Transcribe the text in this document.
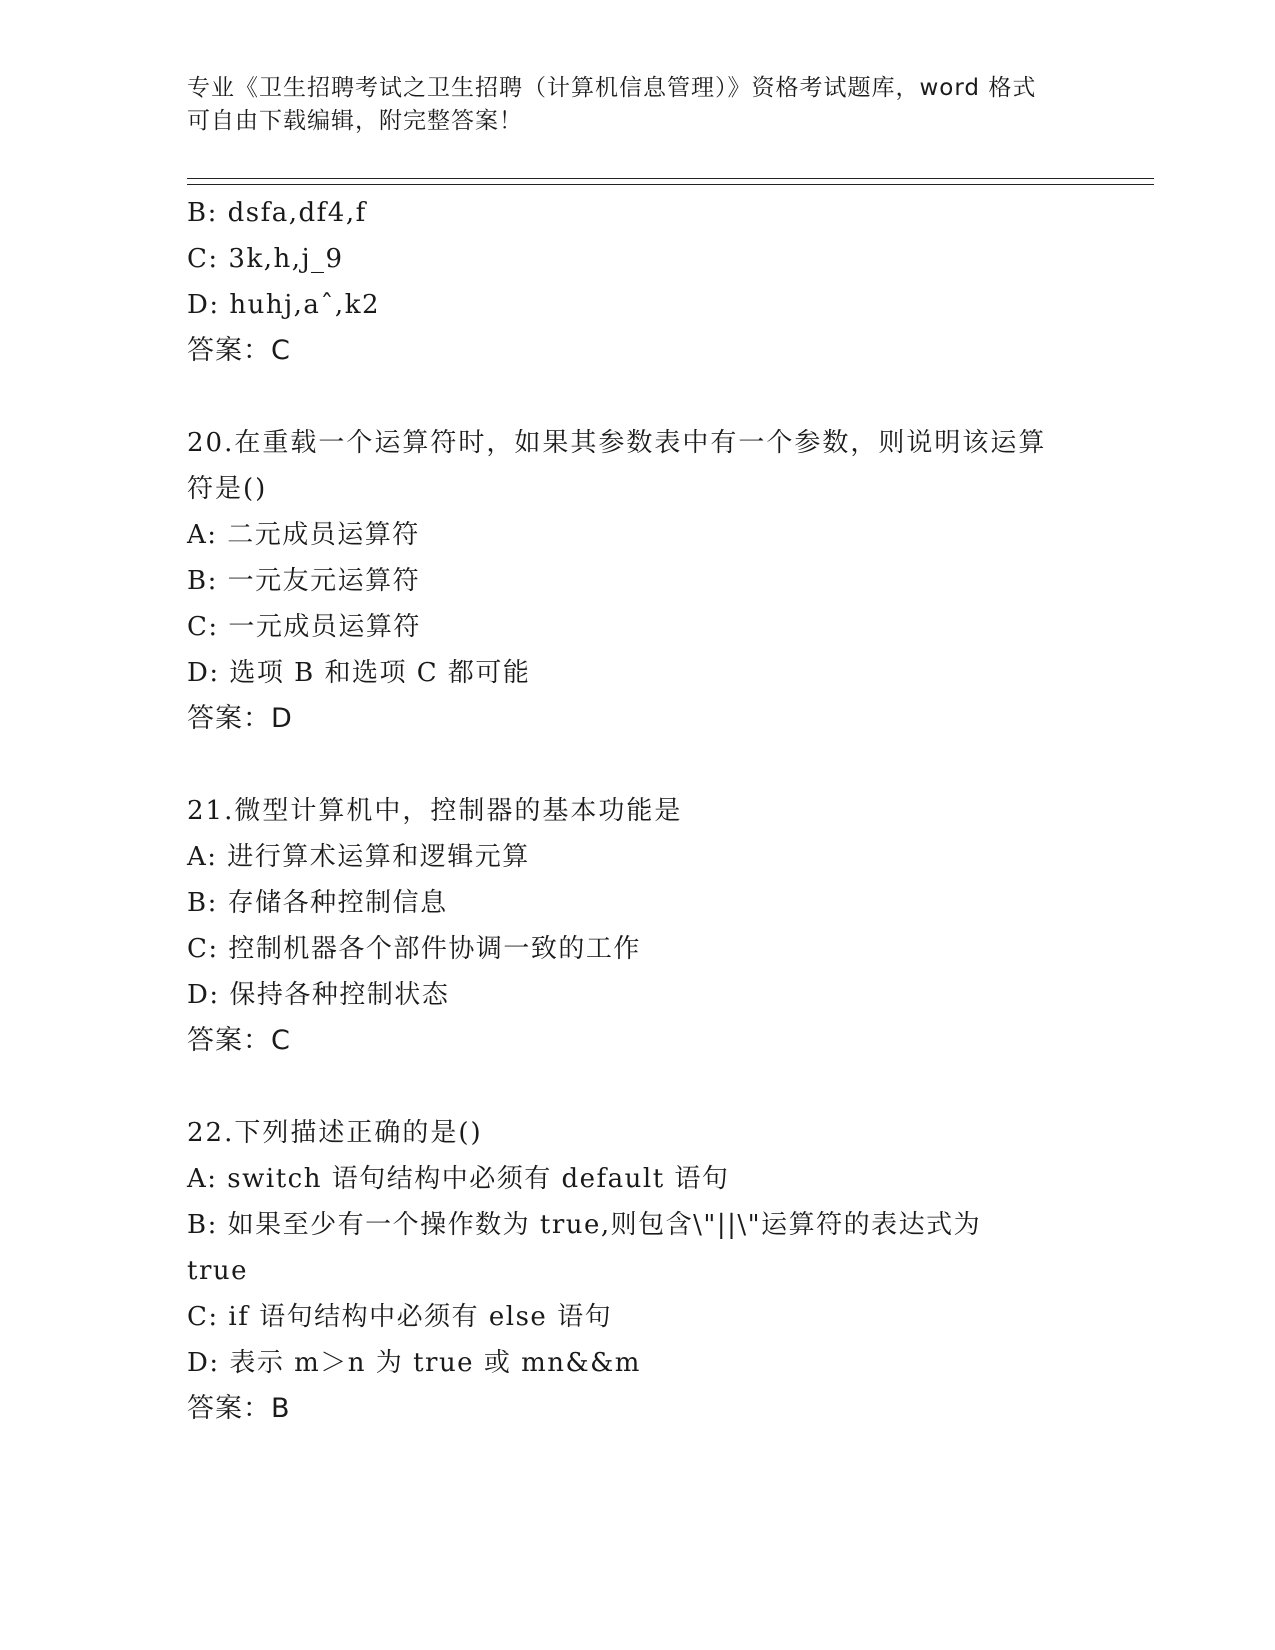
专业《卫生招聘考试之卫生招聘（计算机信息管理）》资格考试题库，word 格式
可自由下载编辑，附完整答案！
B: dsfa,df4,f
C: 3k,h,j_9
D: huhj,aˆ,k2
答案：C
20.在重载一个运算符时，如果其参数表中有一个参数，则说明该运算
符是()
A: 二元成员运算符
B: 一元友元运算符
C: 一元成员运算符
D: 选项 B 和选项 C 都可能
答案：D
21.微型计算机中，控制器的基本功能是
A: 进行算术运算和逻辑元算
B: 存储各种控制信息
C: 控制机器各个部件协调一致的工作
D: 保持各种控制状态
答案：C
22.下列描述正确的是()
A: switch 语句结构中必须有 default 语句
B: 如果至少有一个操作数为 true,则包含\"||\"运算符的表达式为
true
C: if 语句结构中必须有 else 语句
D: 表示 m＞n 为 true 或 mn&&m
答案：B
